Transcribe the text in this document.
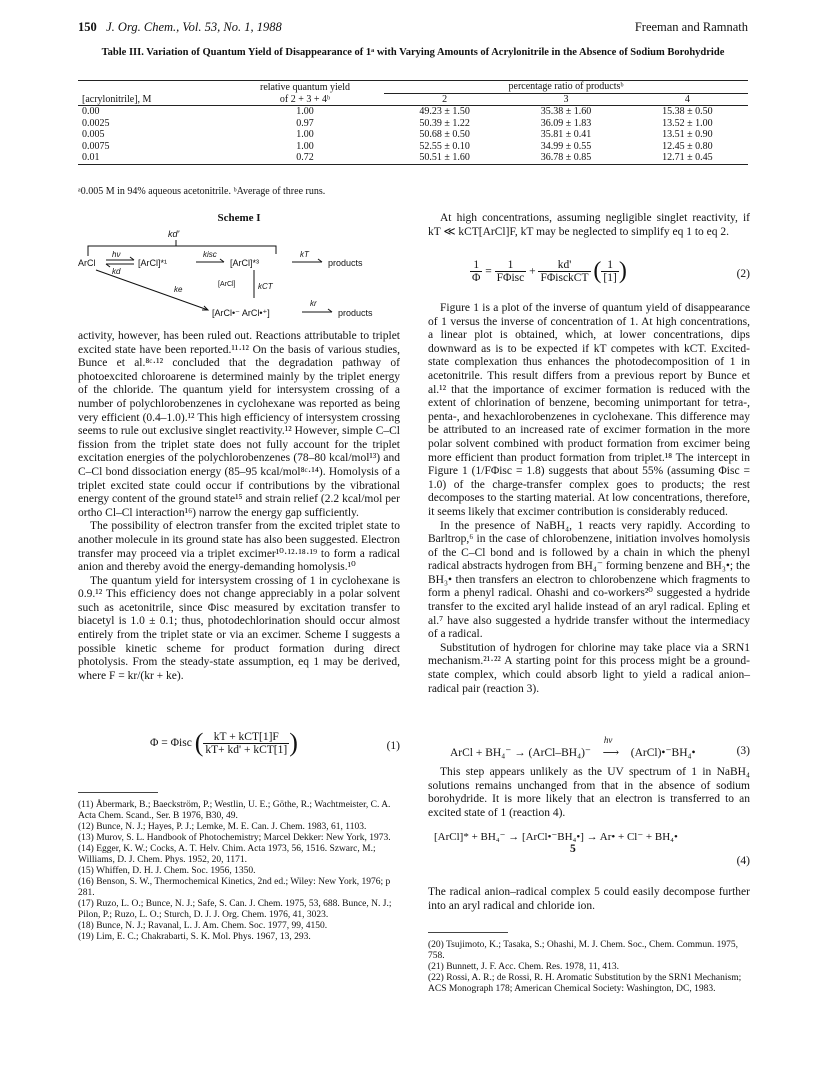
150 J. Org. Chem., Vol. 53, No. 1, 1988	Freeman and Ramnath
Table III. Variation of Quantum Yield of Disappearance of 1ᵃ with Varying Amounts of Acrylonitrile in the Absence of Sodium Borohydride
	relative quantum yield	percentage ratio of productsᵇ		
[acrylonitrile], M	of 2 + 3 + 4ᵇ	2	3	4
0.00	1.00	49.23 ± 1.50	35.38 ± 1.60	15.38 ± 0.50
0.0025	0.97	50.39 ± 1.22	36.09 ± 1.83	13.52 ± 1.00
0.005	1.00	50.68 ± 0.50	35.81 ± 0.41	13.51 ± 0.90
0.0075	1.00	52.55 ± 0.10	34.99 ± 0.55	12.45 ± 0.80
0.01	0.72	50.51 ± 1.60	36.78 ± 0.85	12.71 ± 0.45
ᵃ0.005 M in 94% aqueous acetonitrile. ᵇAverage of three runs.
Scheme I
kd'
ArCl
hν
kd
[ArCl]*¹
kisc
[ArCl]*³
kT
products
[ArCl]	kCT
ke
[ArCl•⁻ ArCl•⁺]
kr
products

activity, however, has been ruled out. Reactions attributable to triplet excited state have been reported.¹¹·¹² On the basis of various studies, Bunce et al.⁸ᶜ·¹² concluded that the degradation pathway of photoexcited chloroarene is determined mainly by the triplet energy of the chloride. The quantum yield for intersystem crossing of a number of polychlorobenzenes in cyclohexane was reported as being very efficient (0.4–1.0).¹² This high efficiency of intersystem crossing seems to rule out exclusive singlet reactivity.¹² However, simple C–Cl fission from the triplet state does not fully account for the triplet excitation energies of the polychlorobenzenes (78–80 kcal/mol¹³) and C–Cl bond dissociation energy (85–95 kcal/mol⁸ᶜ·¹⁴). Homolysis of a triplet excited state could occur if contributions by the vibrational energy content of the ground state¹⁵ and strain relief (2.2 kcal/mol per ortho Cl–Cl interaction¹⁶) narrow the energy gap sufficiently.

The possibility of electron transfer from the excited triplet state to another molecule in its ground state has also been suggested. Electron transfer may proceed via a triplet excimer¹⁰·¹²·¹⁸·¹⁹ to form a radical anion and thereby avoid the energy-demanding homolysis.¹⁰

The quantum yield for intersystem crossing of 1 in cyclohexane is 0.9.¹² This efficiency does not change appreciably in a polar solvent such as acetonitrile, since Φisc measured by excitation transfer to biacetyl is 1.0 ± 0.1; thus, photodechlorination should occur almost entirely from the triplet state or via an excimer. Scheme I suggests a possible kinetic scheme for product formation during direct photolysis. From the steady-state assumption, eq 1 may be derived, where F = kr/(kr + ke).

Φ = Φisc ( $\frac{\text{kT + kCT[1]F}}{\text{kT+ kd' + kCT[1]}}$ )	(1)
(11) Åbermark, B.; Baeckström, P.; Westlin, U. E.; Göthe, R.; Wachtmeister, C. A. Acta Chem. Scand., Ser. B 1976, B30, 49.
(12) Bunce, N. J.; Hayes, P. J.; Lemke, M. E. Can. J. Chem. 1983, 61, 1103.
(13) Murov, S. L. Handbook of Photochemistry; Marcel Dekker: New York, 1973.
(14) Egger, K. W.; Cocks, A. T. Helv. Chim. Acta 1973, 56, 1516. Szwarc, M.; Williams, D. J. Chem. Phys. 1952, 20, 1171.
(15) Whiffen, D. H. J. Chem. Soc. 1956, 1350.
(16) Benson, S. W., Thermochemical Kinetics, 2nd ed.; Wiley: New York, 1976; p 281.
(17) Ruzo, L. O.; Bunce, N. J.; Safe, S. Can. J. Chem. 1975, 53, 688. Bunce, N. J.; Pilon, P.; Ruzo, L. O.; Sturch, D. J. J. Org. Chem. 1976, 41, 3023.
(18) Bunce, N. J.; Ravanal, L. J. Am. Chem. Soc. 1977, 99, 4150.
(19) Lim, E. C.; Chakrabarti, S. K. Mol. Phys. 1967, 13, 293.

At high concentrations, assuming negligible singlet reactivity, if kT ≪ kCT[ArCl]F, kT may be neglected to simplify eq 1 to eq 2.

$\frac{1}{\Phi} = \frac{1}{\text{FΦisc}} + \frac{kd'}{\text{FΦisckCT}}$ ( $\frac{1}{[1]}$ )	(2)

Figure 1 is a plot of the inverse of quantum yield of disappearance of 1 versus the inverse of concentration of 1. At high concentrations, a linear plot is obtained, which, at lower concentrations, dips downward as is to be expected if kT competes with kCT. Excited-state complexation thus enhances the photodecomposition of 1 in acetonitrile. This result differs from a previous report by Bunce et al.¹² that the importance of excimer formation is reduced with the extent of chlorination of benzene, becoming unimportant for tetra-, penta-, and hexachlorobenzenes in cyclohexane. This difference may be attributed to an increased rate of excimer formation in the more polar solvent combined with product formation from excimer being more efficient than product formation from triplet.¹⁸ The intercept in Figure 1 (1/FΦisc = 1.8) suggests that about 55% (assuming Φisc = 1.0) of the charge-transfer complex goes to products; the rest decomposes to the starting material. At low concentrations, therefore, it seems likely that excimer contribution is considerably reduced.

In the presence of NaBH₄, 1 reacts very rapidly. According to Barltrop,⁶ in the case of chlorobenzene, initiation involves homolysis of the C–Cl bond and is followed by a chain in which the phenyl radical abstracts hydrogen from BH₄⁻ forming benzene and BH₃•; the BH₃• then transfers an electron to chlorobenzene which fragments to form a phenyl radical. Ohashi and co-workers²⁰ suggested a hydride transfer to the excited aryl halide instead of an aryl radical. Epling et al.⁷ have also suggested a hydride transfer without the intermediacy of a radical.

Substitution of hydrogen for chlorine may take place via a SRN1 mechanism.²¹·²² A starting point for this process might be a ground-state complex, which could absorb light to yield a radical anion–radical pair (reaction 3).

ArCl + BH₄⁻ → (ArCl–BH₄)⁻
hν
⟶ (ArCl)•⁻BH₄•	(3)

This step appears unlikely as the UV spectrum of 1 in NaBH₄ solutions remains unchanged from that in the absence of sodium borohydride. It is more likely that an electron is transferred to an excited state of 1 (reaction 4).

[ArCl]* + BH₄⁻ → [ArCl•⁻BH₄•] → Ar• + Cl⁻ + BH₄•
5
(4)

The radical anion–radical complex 5 could easily decompose further into an aryl radical and chloride ion.

(20) Tsujimoto, K.; Tasaka, S.; Ohashi, M. J. Chem. Soc., Chem. Commun. 1975, 758.
(21) Bunnett, J. F. Acc. Chem. Res. 1978, 11, 413.
(22) Rossi, A. R.; de Rossi, R. H. Aromatic Substitution by the SRN1 Mechanism; ACS Monograph 178; American Chemical Society: Washington, DC, 1983.
